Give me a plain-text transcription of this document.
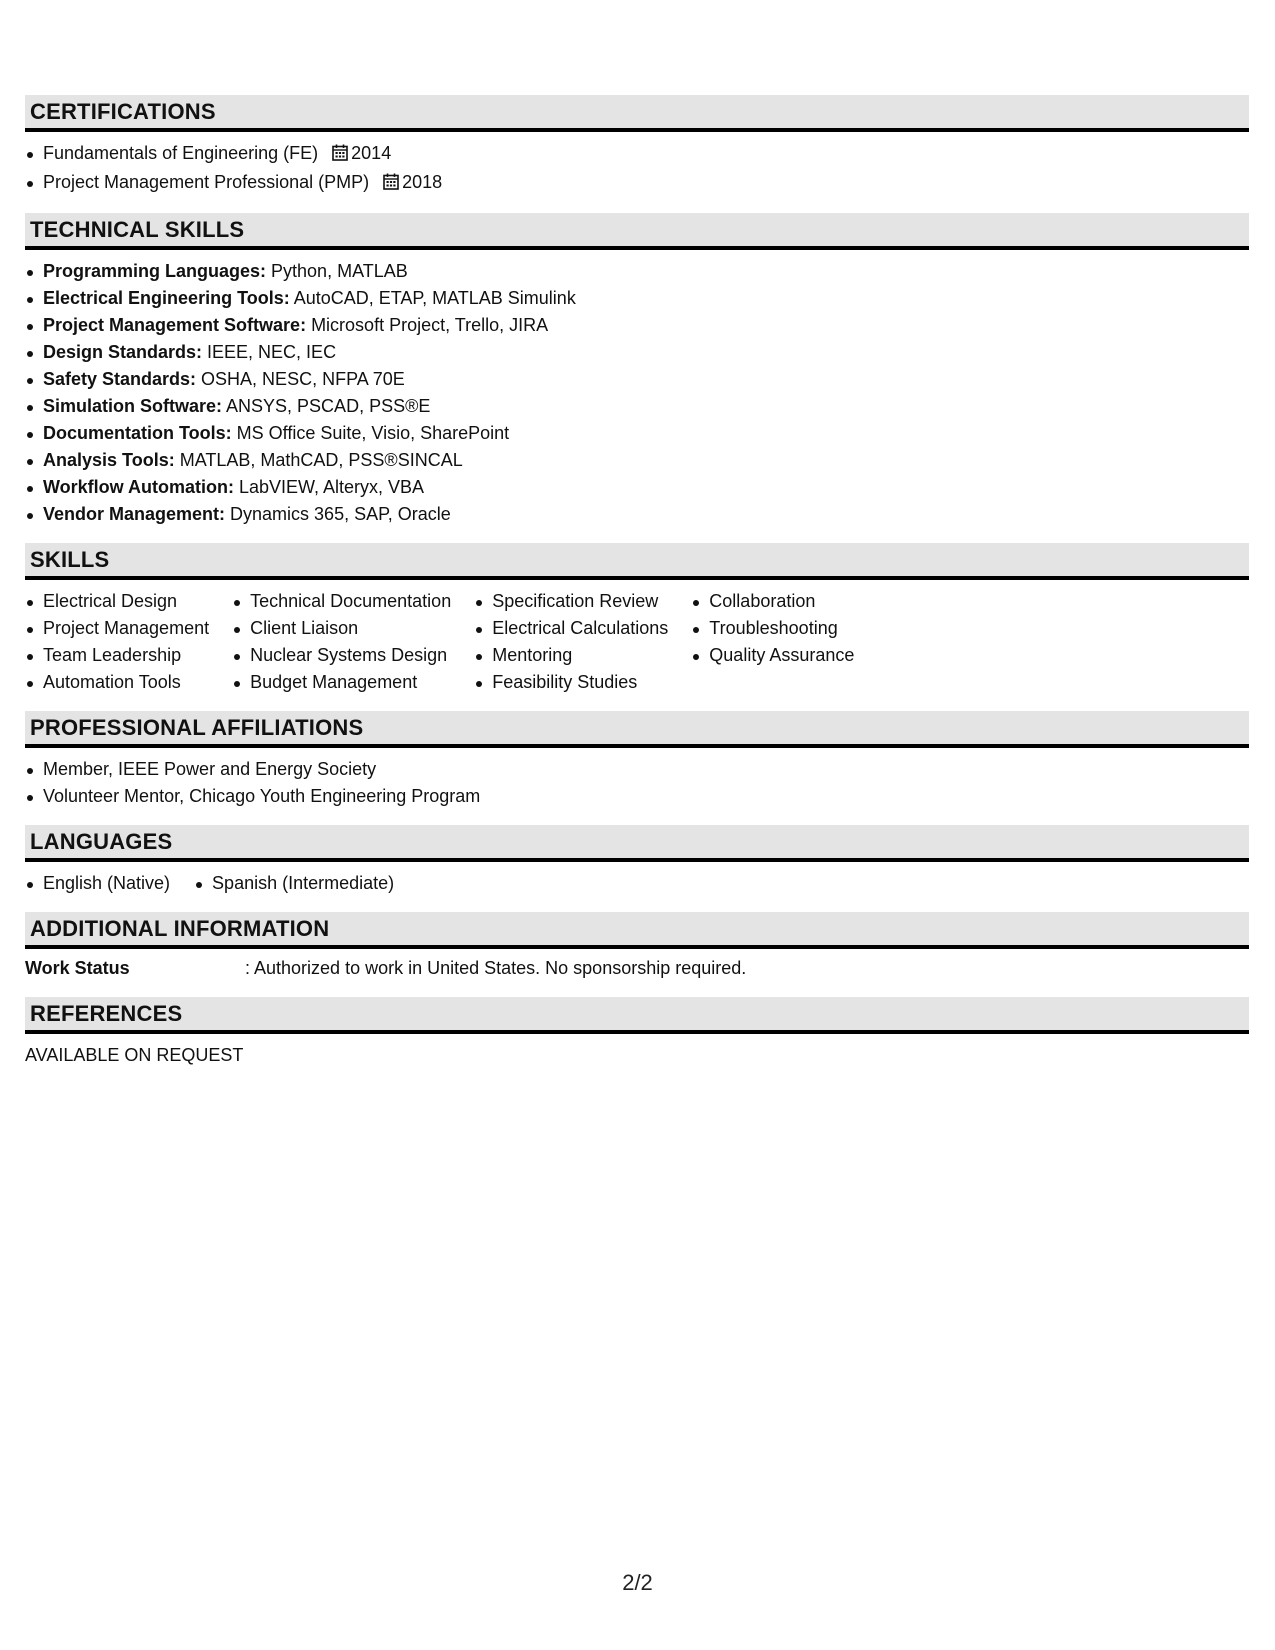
CERTIFICATIONS
Fundamentals of Engineering (FE) 2014
Project Management Professional (PMP) 2018
TECHNICAL SKILLS
Programming Languages: Python, MATLAB
Electrical Engineering Tools: AutoCAD, ETAP, MATLAB Simulink
Project Management Software: Microsoft Project, Trello, JIRA
Design Standards: IEEE, NEC, IEC
Safety Standards: OSHA, NESC, NFPA 70E
Simulation Software: ANSYS, PSCAD, PSS®E
Documentation Tools: MS Office Suite, Visio, SharePoint
Analysis Tools: MATLAB, MathCAD, PSS®SINCAL
Workflow Automation: LabVIEW, Alteryx, VBA
Vendor Management: Dynamics 365, SAP, Oracle
SKILLS
Electrical Design
Project Management
Team Leadership
Automation Tools
Technical Documentation
Client Liaison
Nuclear Systems Design
Budget Management
Specification Review
Electrical Calculations
Mentoring
Feasibility Studies
Collaboration
Troubleshooting
Quality Assurance
PROFESSIONAL AFFILIATIONS
Member, IEEE Power and Energy Society
Volunteer Mentor, Chicago Youth Engineering Program
LANGUAGES
English (Native)	Spanish (Intermediate)
ADDITIONAL INFORMATION
Work Status	: Authorized to work in United States. No sponsorship required.
REFERENCES
AVAILABLE ON REQUEST
2/2
